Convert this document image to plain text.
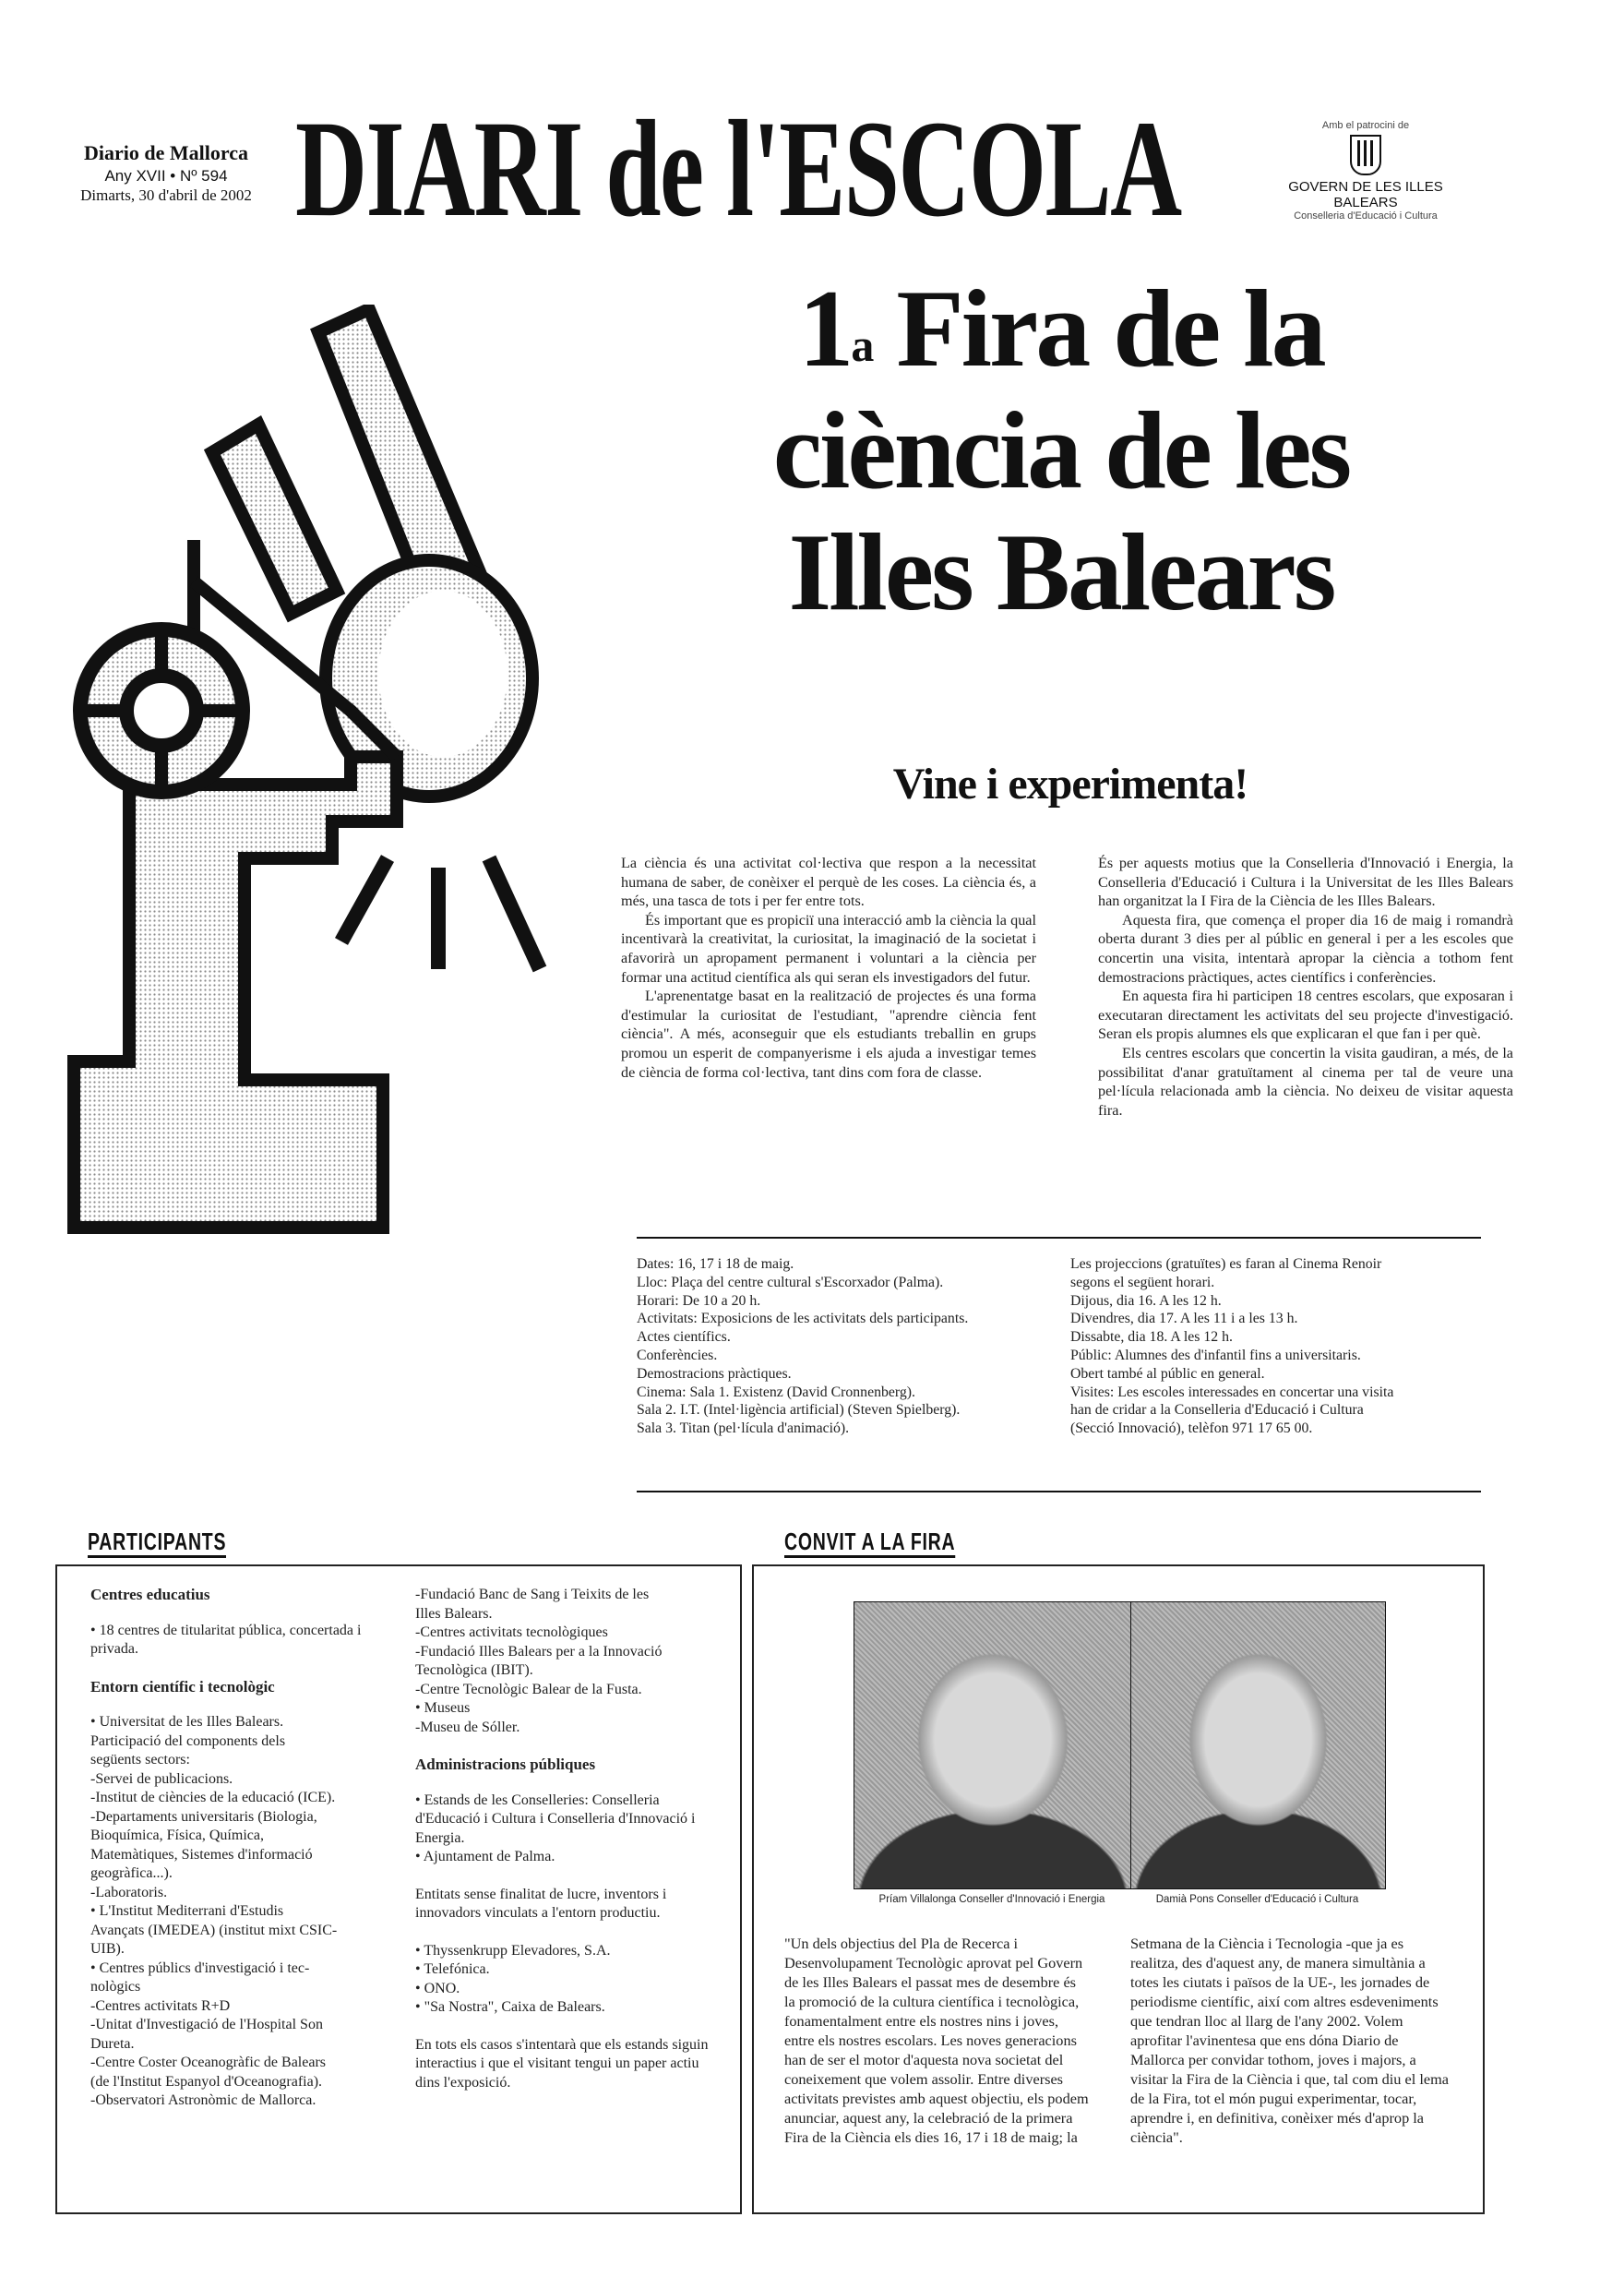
Diario de Mallorca
Any XVII • Nº 594
Dimarts, 30 d'abril de 2002 DIARI de l'ESCOLA	Amb el patrocini de
GOVERN DE LES ILLES BALEARS
Conselleria d'Educació i Cultura
1$^a$ Fira de la
ciència de les
Illes Balears
Vine i experimenta!

La ciència és una activitat col·lectiva que respon a la necessitat humana de saber, de conèixer el perquè de les coses. La ciència és, a més, una tasca de tots i per fer entre tots.

És important que es propiciï una interacció amb la ciència la qual incentivarà la creativitat, la curiositat, la imaginació de la societat i afavorirà un apropament permanent i voluntari a la ciència per formar una actitud científica als qui seran els investigadors del futur.

L'aprenentatge basat en la realització de projectes és una forma d'estimular la curiositat de l'estudiant, "aprendre ciència fent ciència". A més, aconseguir que els estudiants treballin en grups promou un esperit de companyerisme i els ajuda a investigar temes de ciència de forma col·lectiva, tant dins com fora de classe.

És per aquests motius que la Conselleria d'Innovació i Energia, la Conselleria d'Educació i Cultura i la Universitat de les Illes Balears han organitzat la I Fira de la Ciència de les Illes Balears.

Aquesta fira, que comença el proper dia 16 de maig i romandrà oberta durant 3 dies per al públic en general i per a les escoles que concertin una visita, intentarà apropar la ciència a tothom fent demostracions pràctiques, actes científics i conferències.

En aquesta fira hi participen 18 centres escolars, que exposaran i executaran directament les activitats del seu projecte d'investigació. Seran els propis alumnes els que explicaran el que fan i per què.

Els centres escolars que concertin la visita gaudiran, a més, de la possibilitat d'anar gratuïtament al cinema per tal de veure una pel·lícula relacionada amb la ciència. No deixeu de visitar aquesta fira.

Dates: 16, 17 i 18 de maig.
Lloc: Plaça del centre cultural s'Escorxador (Palma).
Horari: De 10 a 20 h.
Activitats: Exposicions de les activitats dels participants.
Actes científics.
Conferències.
Demostracions pràctiques.
Cinema: Sala 1. Existenz (David Cronnenberg).
Sala 2. I.T. (Intel·ligència artificial) (Steven Spielberg).
Sala 3. Titan (pel·lícula d'animació).
Les projeccions (gratuïtes) es faran al Cinema Renoir
segons el següent horari.
Dijous, dia 16. A les 12 h.
Divendres, dia 17. A les 11 i a les 13 h.
Dissabte, dia 18. A les 12 h.
Públic: Alumnes des d'infantil fins a universitaris.
Obert també al públic en general.
Visites: Les escoles interessades en concertar una visita
han de cridar a la Conselleria d'Educació i Cultura
(Secció Innovació), telèfon 971 17 65 00.
PARTICIPANTS
Centres educatius

• 18 centres de titularitat pública, concertada i privada.

Entorn científic i tecnològic
• Universitat de les Illes Balears.
Participació del components dels
següents sectors:
-Servei de publicacions.
-Institut de ciències de la educació (ICE).
-Departaments universitaris (Biologia,
Bioquímica, Física, Química,
Matemàtiques, Sistemes d'informació
geogràfica...).
-Laboratoris.
• L'Institut Mediterrani d'Estudis
Avançats (IMEDEA) (institut mixt CSIC-
UIB).
• Centres públics d'investigació i tec-
nològics
-Centres activitats R+D
-Unitat d'Investigació de l'Hospital Son
Dureta.
-Centre Coster Oceanogràfic de Balears
(de l'Institut Espanyol d'Oceanografia).
-Observatori Astronòmic de Mallorca.
-Fundació Banc de Sang i Teixits de les
Illes Balears.
-Centres activitats tecnològiques
-Fundació Illes Balears per a la Innovació
Tecnològica (IBIT).
-Centre Tecnològic Balear de la Fusta.
• Museus
-Museu de Sóller.
Administracions públiques

• Estands de les Conselleries: Conselleria d'Educació i Cultura i Conselleria d'Innovació i Energia.

• Ajuntament de Palma.

Entitats sense finalitat de lucre, inventors i innovadors vinculats a l'entorn productiu.

• Thyssenkrupp Elevadores, S.A.
• Telefónica.
• ONO.
• "Sa Nostra", Caixa de Balears.

En tots els casos s'intentarà que els estands siguin interactius i que el visitant tengui un paper actiu dins l'exposició.

CONVIT A LA FIRA
Príam Villalonga Conseller d'Innovació i Energia	Damià Pons Conseller d'Educació i Cultura
"Un dels objectius del Pla de Recerca i Desenvolupament Tecnològic aprovat pel Govern de les Illes Balears el passat mes de desembre és la promoció de la cultura científica i tecnològica, fonamentalment entre els nostres nins i joves, entre els nostres escolars. Les noves generacions han de ser el motor d'aquesta nova societat del coneixement que volem assolir. Entre diverses activitats previstes amb aquest objectiu, els podem anunciar, aquest any, la celebració de la primera Fira de la Ciència els dies 16, 17 i 18 de maig; la
Setmana de la Ciència i Tecnologia -que ja es realitza, des d'aquest any, de manera simultània a totes les ciutats i països de la UE-, les jornades de periodisme científic, així com altres esdeveniments que tendran lloc al llarg de l'any 2002. Volem aprofitar l'avinentesa que ens dóna Diario de Mallorca per convidar tothom, joves i majors, a visitar la Fira de la Ciència i que, tal com diu el lema de la Fira, tot el món pugui experimentar, tocar, aprendre i, en definitiva, conèixer més d'aprop la ciència".
